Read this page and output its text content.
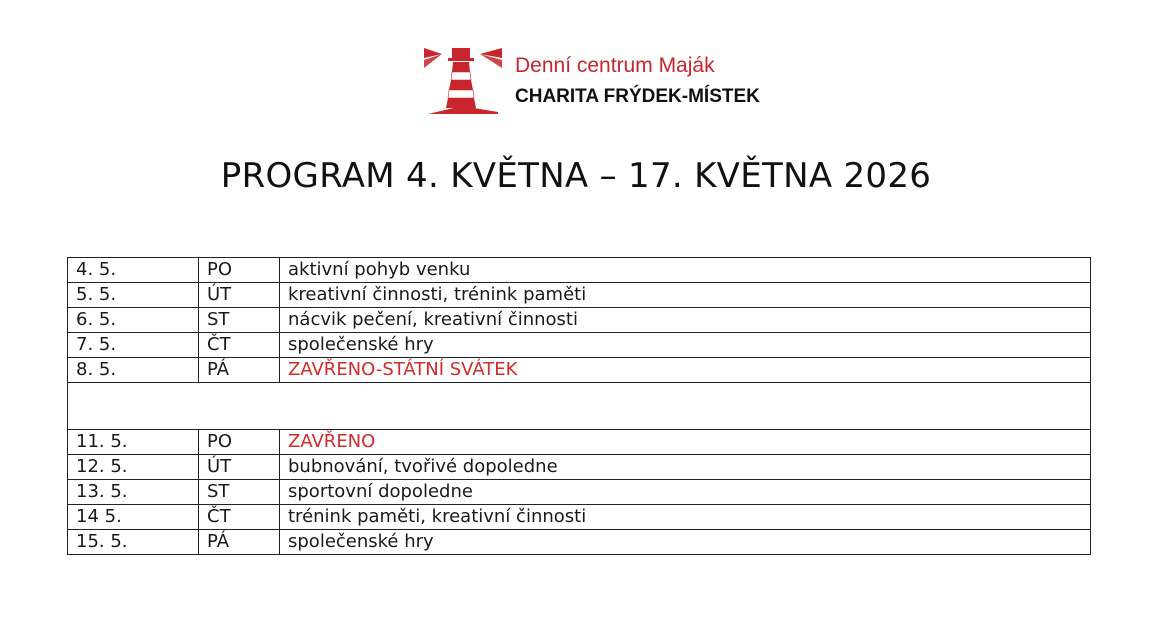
Denní centrum Maják
CHARITA FRÝDEK-MÍSTEK
PROGRAM 4. KVĚTNA – 17. KVĚTNA 2026
4. 5.	PO	aktivní pohyb venku
5. 5.	ÚT	kreativní činnosti, trénink paměti
6. 5.	ST	nácvik pečení, kreativní činnosti
7. 5.	ČT	společenské hry
8. 5.	PÁ	ZAVŘENO-STÁTNÍ SVÁTEK

11. 5.	PO	ZAVŘENO
12. 5.	ÚT	bubnování, tvořivé dopoledne
13. 5.	ST	sportovní dopoledne
14 5.	ČT	trénink paměti, kreativní činnosti
15. 5.	PÁ	společenské hry
